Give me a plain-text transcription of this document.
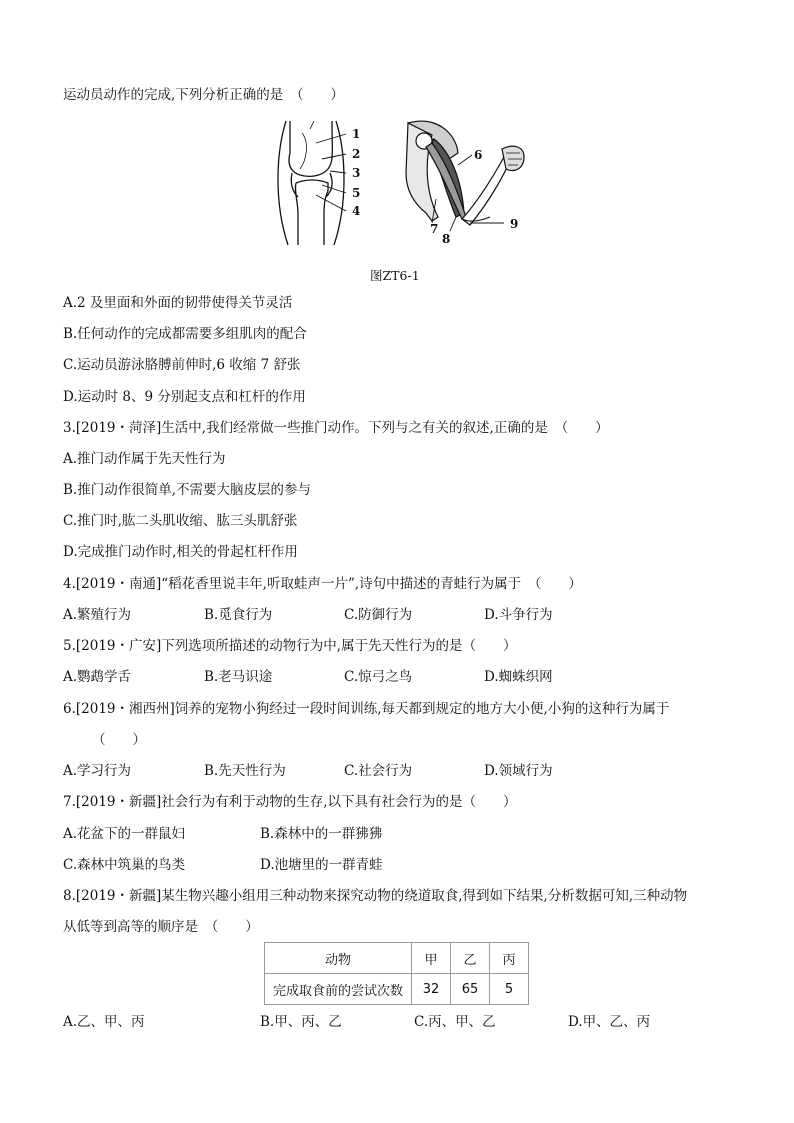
运动员动作的完成,下列分析正确的是　（　　）
1
2
3
5
4
6
7
8
9
图ZT6-1
A.2 及里面和外面的韧带使得关节灵活
B.任何动作的完成都需要多组肌肉的配合
C.运动员游泳胳膊前伸时,6 收缩 7 舒张
D.运动时 8、9 分别起支点和杠杆的作用
3.[2019・菏泽]生活中,我们经常做一些推门动作。下列与之有关的叙述,正确的是　（　　）
A.推门动作属于先天性行为
B.推门动作很简单,不需要大脑皮层的参与
C.推门时,肱二头肌收缩、肱三头肌舒张
D.完成推门动作时,相关的骨起杠杆作用
4.[2019・南通]“稻花香里说丰年,听取蛙声一片”,诗句中描述的青蛙行为属于　（　　）
A.繁殖行为	B.觅食行为	C.防御行为	D.斗争行为
5.[2019・广安]下列选项所描述的动物行为中,属于先天性行为的是（　　）
A.鹦鹉学舌	B.老马识途	C.惊弓之鸟	D.蜘蛛织网
6.[2019・湘西州]饲养的宠物小狗经过一段时间训练,每天都到规定的地方大小便,小狗的这种行为属于
（　　）
A.学习行为	B.先天性行为	C.社会行为	D.领域行为
7.[2019・新疆]社会行为有利于动物的生存,以下具有社会行为的是（　　）
A.花盆下的一群鼠妇	B.森林中的一群狒狒
C.森林中筑巢的鸟类	D.池塘里的一群青蛙
8.[2019・新疆]某生物兴趣小组用三种动物来探究动物的绕道取食,得到如下结果,分析数据可知,三种动物
从低等到高等的顺序是　（　　）
动物	甲	乙	丙
完成取食前的尝试次数	32	65	5
A.乙、甲、丙	B.甲、丙、乙	C.丙、甲、乙	D.甲、乙、丙
